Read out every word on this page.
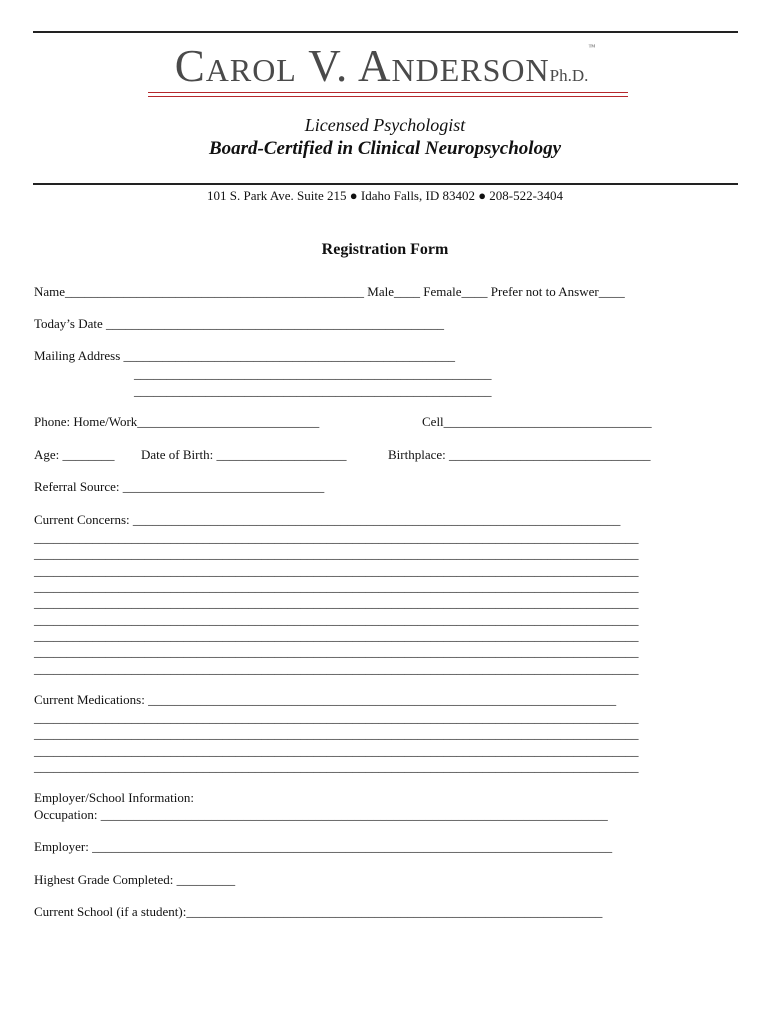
Carol V. AndersonPh.D.™
Licensed Psychologist
Board-Certified in Clinical Neuropsychology
101 S. Park Ave. Suite 215 ● Idaho Falls, ID 83402 ● 208-522-3404
Registration Form
Name______________________________________________ Male____ Female____ Prefer not to Answer____
Today’s Date ____________________________________________________
Mailing Address ___________________________________________________
_______________________________________________________
_______________________________________________________
Phone: Home/Work____________________________	Cell________________________________
Age: ________ Date of Birth: ____________________	Birthplace: _______________________________
Referral Source: _______________________________
Current Concerns: ___________________________________________________________________________
_____________________________________________________________________________________________
_____________________________________________________________________________________________
_____________________________________________________________________________________________
_____________________________________________________________________________________________
_____________________________________________________________________________________________
_____________________________________________________________________________________________
_____________________________________________________________________________________________
_____________________________________________________________________________________________
_____________________________________________________________________________________________
Current Medications: ________________________________________________________________________
_____________________________________________________________________________________________
_____________________________________________________________________________________________
_____________________________________________________________________________________________
_____________________________________________________________________________________________
Employer/School Information:
Occupation: ______________________________________________________________________________
Employer: ________________________________________________________________________________
Highest Grade Completed: _________
Current School (if a student):________________________________________________________________
